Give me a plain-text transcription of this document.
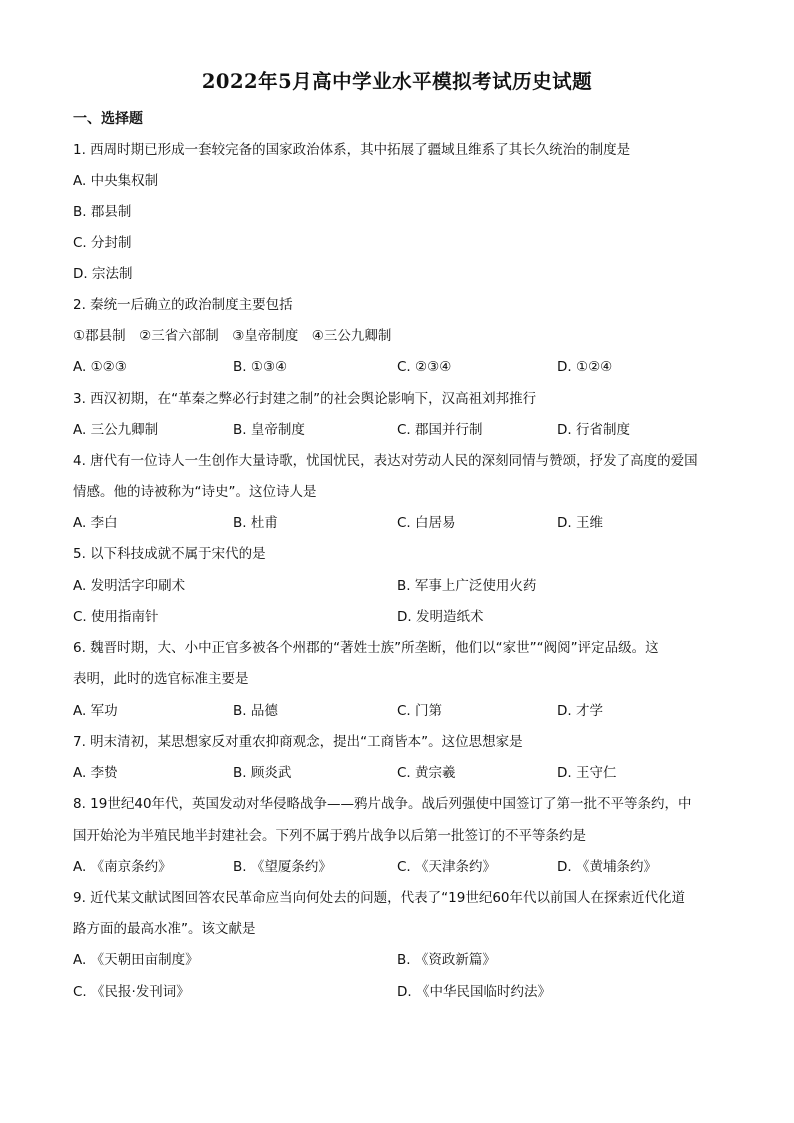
2022年5月高中学业水平模拟考试历史试题
一、选择题
1. 西周时期已形成一套较完备的国家政治体系，其中拓展了疆域且维系了其长久统治的制度是
A. 中央集权制
B. 郡县制
C. 分封制
D. 宗法制
2. 秦统一后确立的政治制度主要包括
①郡县制　②三省六部制　③皇帝制度　④三公九卿制
A. ①②③	B. ①③④	C. ②③④	D. ①②④
3. 西汉初期，在“革秦之弊必行封建之制”的社会舆论影响下，汉高祖刘邦推行
A. 三公九卿制	B. 皇帝制度	C. 郡国并行制	D. 行省制度
4. 唐代有一位诗人一生创作大量诗歌，忧国忧民，表达对劳动人民的深刻同情与赞颂，抒发了高度的爱国
情感。他的诗被称为“诗史”。这位诗人是
A. 李白	B. 杜甫	C. 白居易	D. 王维
5. 以下科技成就不属于宋代的是
A. 发明活字印刷术	B. 军事上广泛使用火药
C. 使用指南针	D. 发明造纸术
6. 魏晋时期，大、小中正官多被各个州郡的“著姓士族”所垄断，他们以“家世”“阀阅”评定品级。这
表明，此时的选官标准主要是
A. 军功	B. 品德	C. 门第	D. 才学
7. 明末清初，某思想家反对重农抑商观念，提出“工商皆本”。这位思想家是
A. 李贽	B. 顾炎武	C. 黄宗羲	D. 王守仁
8. 19世纪40年代，英国发动对华侵略战争——鸦片战争。战后列强使中国签订了第一批不平等条约，中
国开始沦为半殖民地半封建社会。下列不属于鸦片战争以后第一批签订的不平等条约是
A. 《南京条约》	B. 《望厦条约》	C. 《天津条约》	D. 《黄埔条约》
9. 近代某文献试图回答农民革命应当向何处去的问题，代表了“19世纪60年代以前国人在探索近代化道
路方面的最高水准”。该文献是
A. 《天朝田亩制度》	B. 《资政新篇》
C. 《民报·发刊词》	D. 《中华民国临时约法》
